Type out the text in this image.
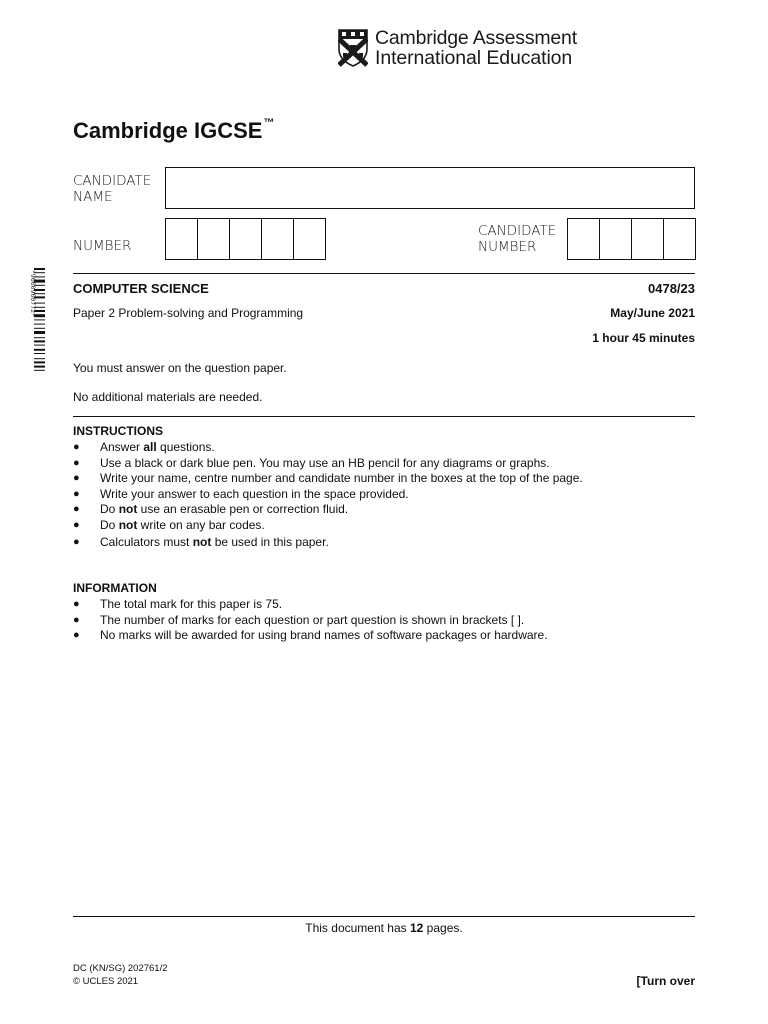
Cambridge Assessment
International Education
Cambridge IGCSE™
CANDIDATE
NAME
NUMBER
CANDIDATE
NUMBER
*9060960772*	COMPUTER SCIENCE	0478/23
Paper 2 Problem-solving and Programming	May/June 2021
1 hour 45 minutes
You must answer on the question paper.
No additional materials are needed.
INSTRUCTIONS
● Answer all questions.
● Use a black or dark blue pen. You may use an HB pencil for any diagrams or graphs.
● Write your name, centre number and candidate number in the boxes at the top of the page.
● Write your answer to each question in the space provided.
● Do not use an erasable pen or correction fluid.
● Do not write on any bar codes.
● Calculators must not be used in this paper.
INFORMATION
● The total mark for this paper is 75.
● The number of marks for each question or part question is shown in brackets [ ].
● No marks will be awarded for using brand names of software packages or hardware.
This document has 12 pages.
DC (KN/SG) 202761/2
© UCLES 2021	[Turn over
